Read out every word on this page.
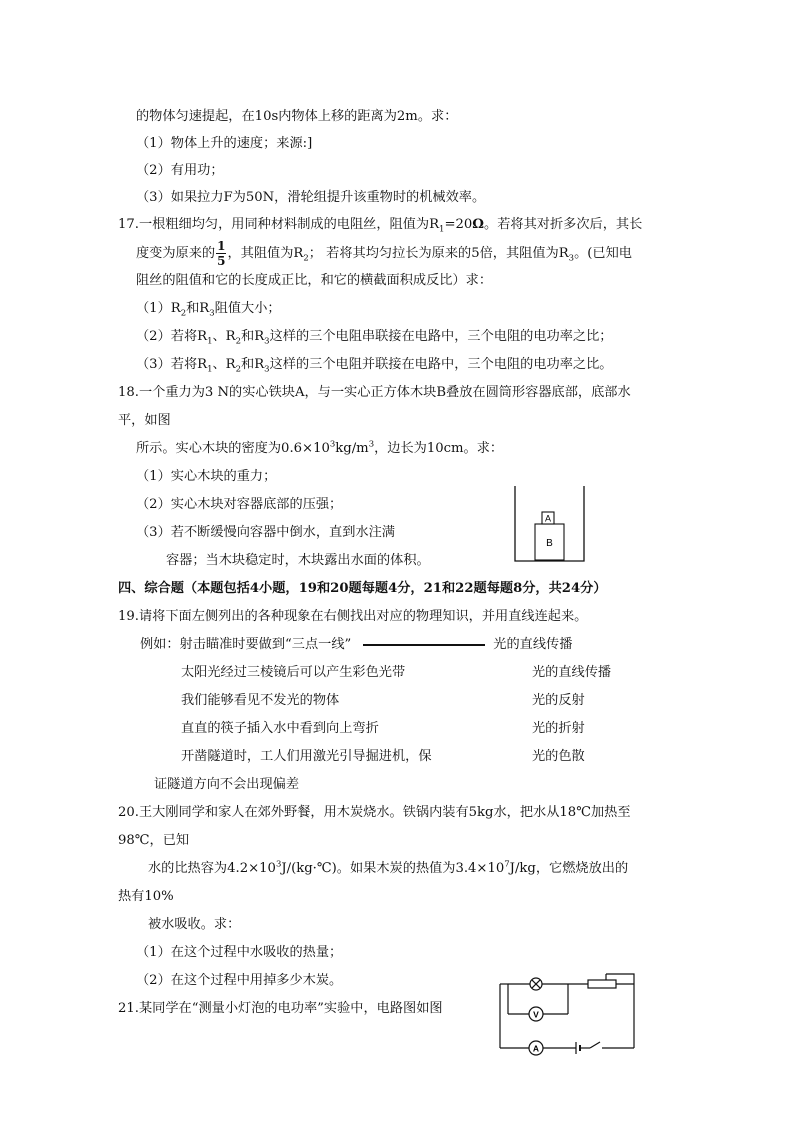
的物体匀速提起，在10s内物体上移的距离为2m。求：
（1）物体上升的速度；来源:]
（2）有用功；
（3）如果拉力F为50N，滑轮组提升该重物时的机械效率。
17.一根粗细均匀，用同种材料制成的电阻丝，阻值为$R_1=20\Omega$。若将其对折多次后，其长
度变为原来的 $\frac{1}{5}$ ，其阻值为$R_2$； 若将其均匀拉长为原来的5倍，其阻值为$R_3$。(已知电
阻丝的阻值和它的长度成正比，和它的横截面积成反比）求：
$(1)R_2$和$R_3$阻值大小；
（2）若将$R_1$、$R_2$和$R_3$这样的三个电阻串联接在电路中，三个电阻的电功率之比；
（3）若将$R_1$、$R_2$和$R_3$这样的三个电阻并联接在电路中，三个电阻的电功率之比。
18.一个重力为3 N的实心铁块A，与一实心正方体木块B叠放在圆筒形容器底部，底部水
平，如图
所示。实心木块的密度为$0.6\times 10^3kg/m^3$，边长为10cm。求：
（1）实心木块的重力；
（2）实心木块对容器底部的压强；
（3）若不断缓慢向容器中倒水，直到水注满
容器；当木块稳定时，木块露出水面的体积。
A
B
四、综合题（本题包括4小题，19和20题每题4分，21和22题每题8分，共24分）
19.请将下面左侧列出的各种现象在右侧找出对应的物理知识，并用直线连起来。
例如：射击瞄准时要做到“三点一线”	光的直线传播
太阳光经过三棱镜后可以产生彩色光带	光的直线传播
我们能够看见不发光的物体	光的反射
直直的筷子插入水中看到向上弯折	光的折射
开凿隧道时，工人们用激光引导掘进机，保	光的色散
证隧道方向不会出现偏差
20.王大刚同学和家人在郊外野餐，用木炭烧水。铁锅内装有5kg水，把水从18℃加热至
98℃，已知
水的比热容为$4.2\times 10^3J/(kg\cdot℃)$。如果木炭的热值为$3.4\times 10^7J/kg$，它燃烧放出的
热有10%
被水吸收。求：
（1）在这个过程中水吸收的热量；
（2）在这个过程中用掉多少木炭。
21.某同学在“测量小灯泡的电功率”实验中，电路图如图	V
A
